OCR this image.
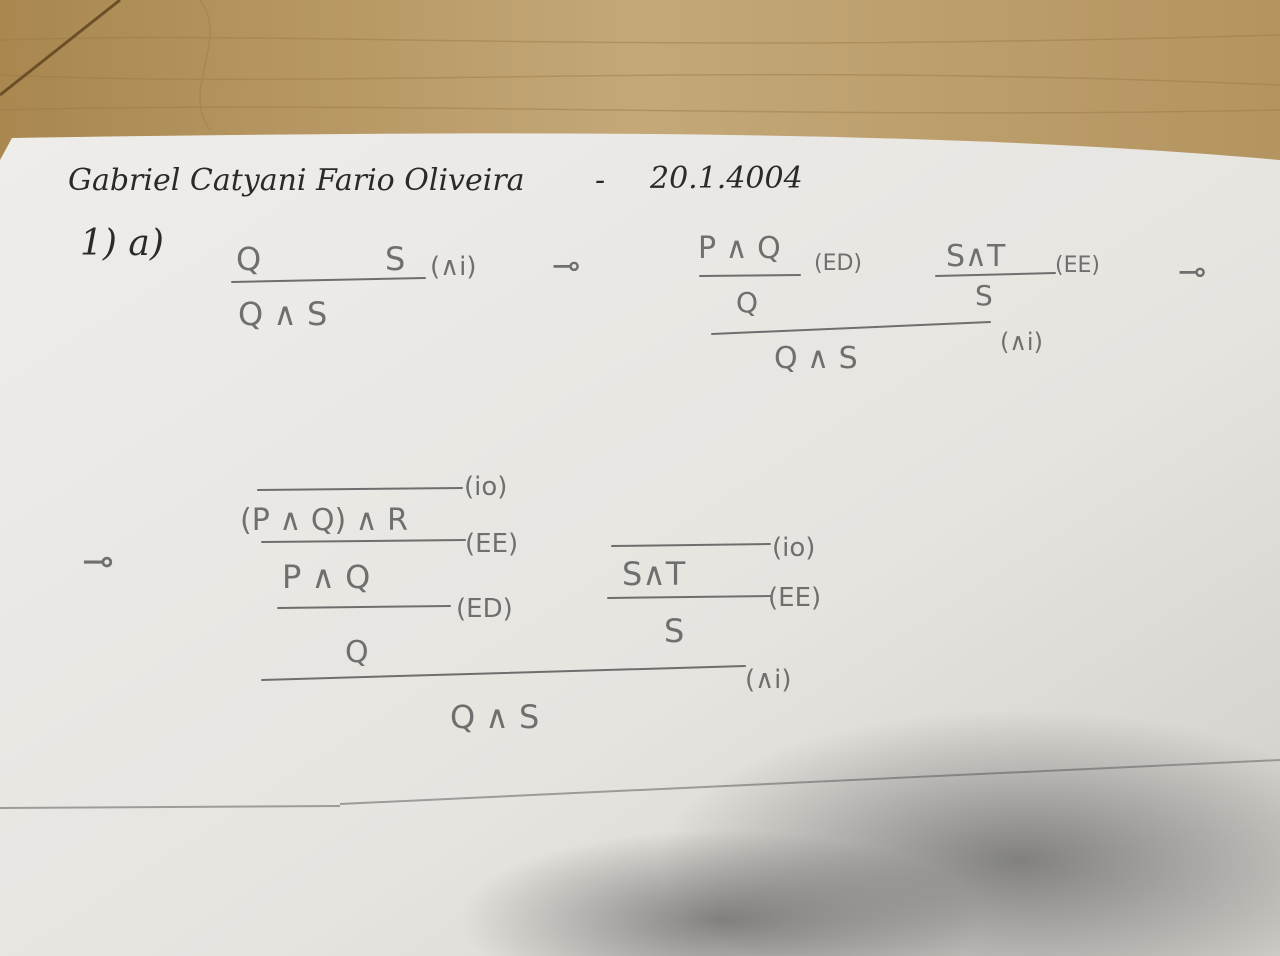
Gabriel Catyani Fario Oliveira - 20.1.4004
1) a) Q	S (∧i)
Q ∧ S
⊸	P ∧ Q (ED)
Q
S∧T (EE)
S
(∧i)
Q ∧ S
⊸
⊸
(io)
(P ∧ Q) ∧ R
(EE)
P ∧ Q
(ED)
Q
(io)
S∧T
(EE)
S
(∧i)
Q ∧ S
